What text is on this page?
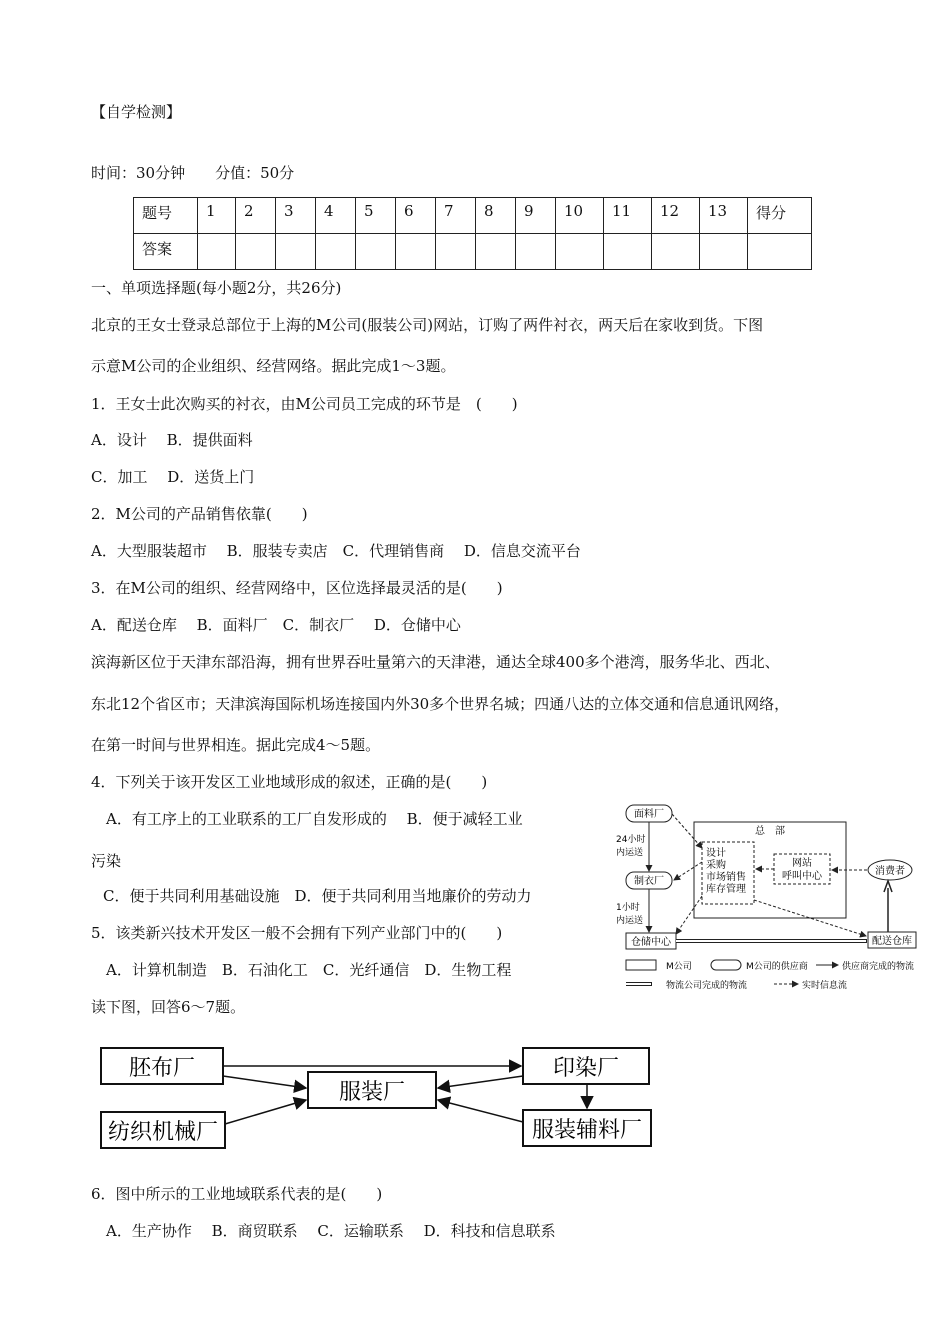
【自学检测】
时间：30分钟　　分值：50分
题号	1	2	3	4	5	6	7	8	9	10	11	12	13	得分
答案														
一、单项选择题(每小题2分，共26分)
北京的王女士登录总部位于上海的M公司(服装公司)网站，订购了两件衬衣，两天后在家收到货。下图
示意M公司的企业组织、经营网络。据此完成1～3题。
1．王女士此次购买的衬衣，由M公司员工完成的环节是　(　　)
A．设计　 B．提供面料
C．加工　 D．送货上门
2．M公司的产品销售依靠(　　)
A．大型服装超市　 B．服装专卖店　C．代理销售商　 D．信息交流平台
3．在M公司的组织、经营网络中，区位选择最灵活的是(　　)
A．配送仓库　 B．面料厂　C．制衣厂　 D．仓储中心
滨海新区位于天津东部沿海，拥有世界吞吐量第六的天津港，通达全球400多个港湾，服务华北、西北、
东北12个省区市；天津滨海国际机场连接国内外30多个世界名城；四通八达的立体交通和信息通讯网络，
在第一时间与世界相连。据此完成4～5题。
4．下列关于该开发区工业地域形成的叙述，正确的是(　　)
A．有工序上的工业联系的工厂自发形成的　 B．便于减轻工业
污染
C．便于共同利用基础设施　D．便于共同利用当地廉价的劳动力
5．该类新兴技术开发区一般不会拥有下列产业部门中的(　　)
A．计算机制造　B．石油化工　C．光纤通信　D．生物工程
读下图，回答6～7题。
总　部
设计
采购
市场销售
库存管理
网站
呼叫中心
面料厂
24小时
内运送
制衣厂
1小时
内运送
仓储中心
消费者
配送仓库
M公司	M公司的供应商	供应商完成的物流
物流公司完成的物流	实时信息流
胚布厂	印染厂
服装厂
纺织机械厂	服装辅料厂
6．图中所示的工业地域联系代表的是(　　)
A．生产协作　 B．商贸联系　 C．运输联系　 D．科技和信息联系
